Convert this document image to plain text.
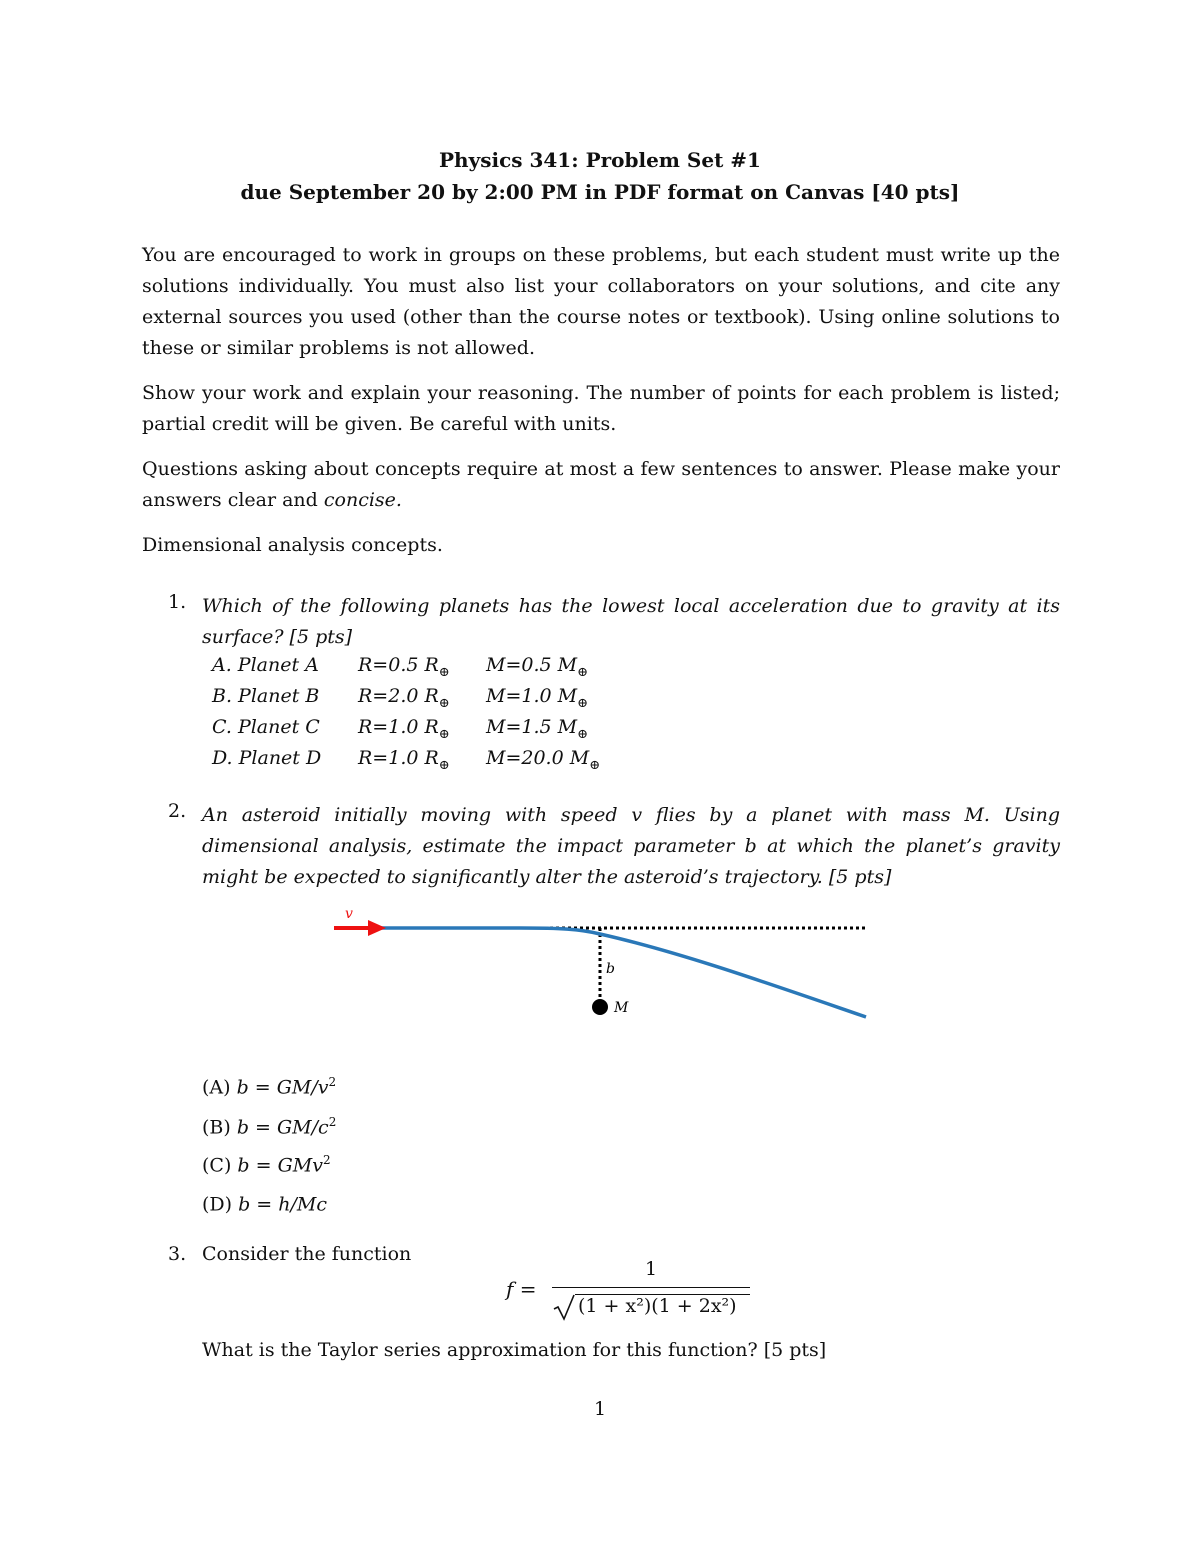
Physics 341: Problem Set #1
due September 20 by 2:00 PM in PDF format on Canvas [40 pts]
You are encouraged to work in groups on these problems, but each student must write up the solutions individually. You must also list your collaborators on your solutions, and cite any external sources you used (other than the course notes or textbook). Using online solutions to these or similar problems is not allowed.
Show your work and explain your reasoning. The number of points for each problem is listed; partial credit will be given. Be careful with units.
Questions asking about concepts require at most a few sentences to answer. Please make your answers clear and concise.
Dimensional analysis concepts.
1. Which of the following planets has the lowest local acceleration due to gravity at its surface? [5 pts]
A. Planet A R=0.5 $R_\oplus$ M=0.5 $M_\oplus$
B. Planet B R=2.0 $R_\oplus$ M=1.0 $M_\oplus$
C. Planet C R=1.0 $R_\oplus$ M=1.5 $M_\oplus$
D. Planet D R=1.0 $R_\oplus$ M=20.0 $M_\oplus$
2. An asteroid initially moving with speed v flies by a planet with mass M. Using dimensional analysis, estimate the impact parameter b at which the planet’s gravity might be expected to significantly alter the asteroid’s trajectory. [5 pts]
v
b
M
(A) $b = GM/v^2$
(B) $b = GM/c^2$
(C) b = GMv$^2$
(D) b = h/Mc
3. Consider the function
f =
1
(1 + x²)(1 + 2x²)
What is the Taylor series approximation for this function? [5 pts]
1
